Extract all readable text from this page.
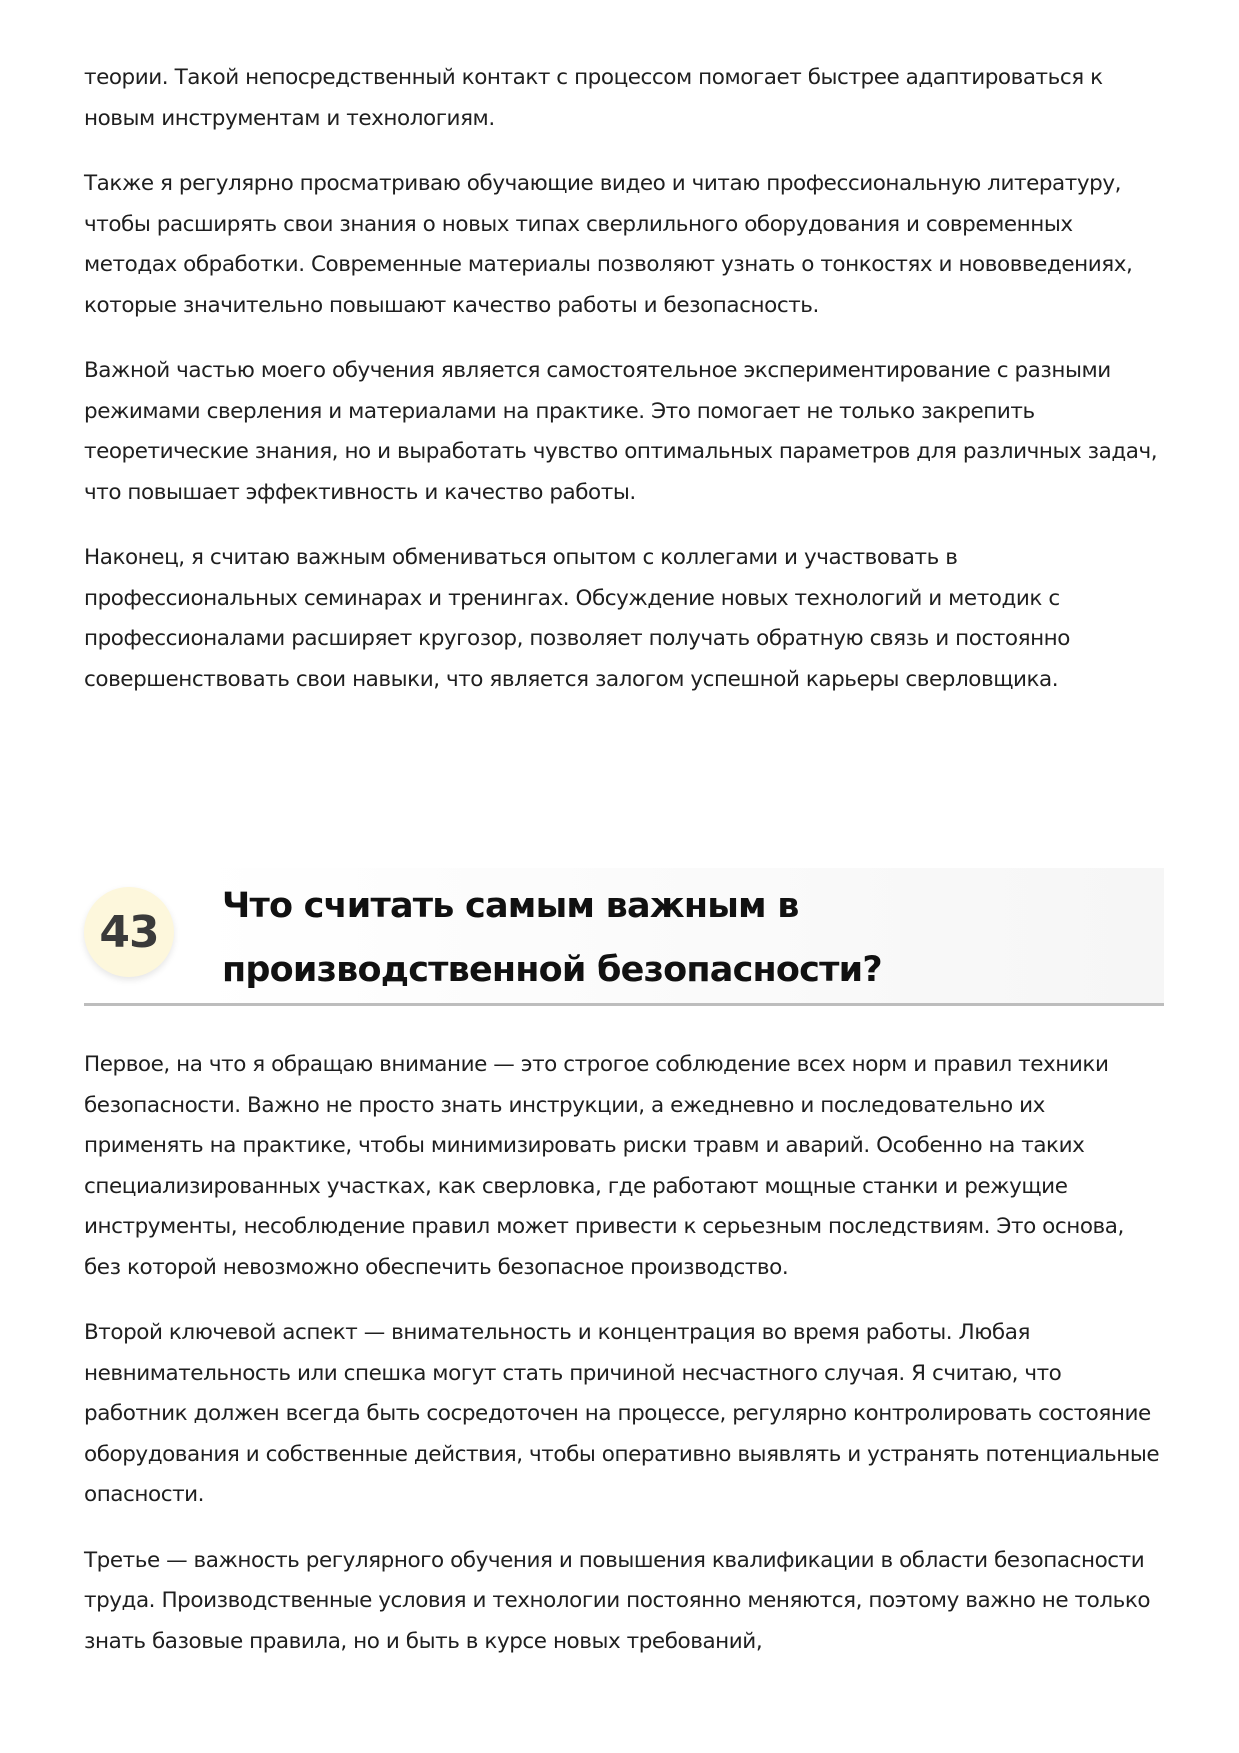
теории. Такой непосредственный контакт с процессом помогает быстрее адаптироваться к новым инструментам и технологиям.

Также я регулярно просматриваю обучающие видео и читаю профессиональную литературу, чтобы расширять свои знания о новых типах сверлильного оборудования и современных методах обработки. Современные материалы позволяют узнать о тонкостях и нововведениях, которые значительно повышают качество работы и безопасность.

Важной частью моего обучения является самостоятельное экспериментирование с разными режимами сверления и материалами на практике. Это помогает не только закрепить теоретические знания, но и выработать чувство оптимальных параметров для различных задач, что повышает эффективность и качество работы.

Наконец, я считаю важным обмениваться опытом с коллегами и участвовать в профессиональных семинарах и тренингах. Обсуждение новых технологий и методик с профессионалами расширяет кругозор, позволяет получать обратную связь и постоянно совершенствовать свои навыки, что является залогом успешной карьеры сверловщика.

43
Что считать самым важным в производственной безопасности?

Первое, на что я обращаю внимание — это строгое соблюдение всех норм и правил техники безопасности. Важно не просто знать инструкции, а ежедневно и последовательно их применять на практике, чтобы минимизировать риски травм и аварий. Особенно на таких специализированных участках, как сверловка, где работают мощные станки и режущие инструменты, несоблюдение правил может привести к серьезным последствиям. Это основа, без которой невозможно обеспечить безопасное производство.

Второй ключевой аспект — внимательность и концентрация во время работы. Любая невнимательность или спешка могут стать причиной несчастного случая. Я считаю, что работник должен всегда быть сосредоточен на процессе, регулярно контролировать состояние оборудования и собственные действия, чтобы оперативно выявлять и устранять потенциальные опасности.

Третье — важность регулярного обучения и повышения квалификации в области безопасности труда. Производственные условия и технологии постоянно меняются, поэтому важно не только знать базовые правила, но и быть в курсе новых требований,
